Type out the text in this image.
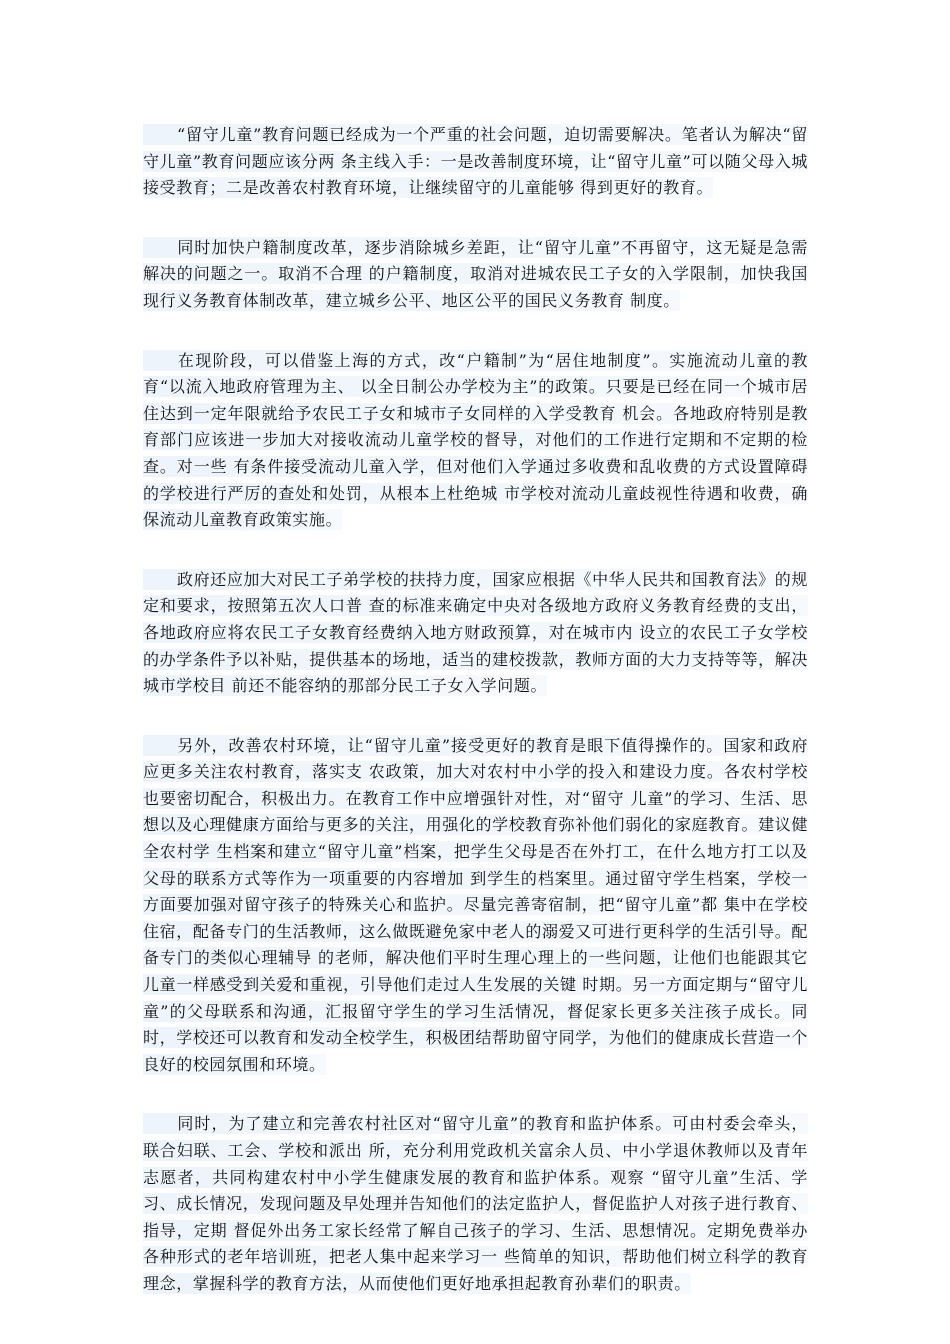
“留守儿童”教育问题已经成为一个严重的社会问题，迫切需要解决。笔者认为解决“留守儿童”教育问题应该分两 条主线入手：一是改善制度环境，让“留守儿童”可以随父母入城接受教育；二是改善农村教育环境，让继续留守的儿童能够 得到更好的教育。

同时加快户籍制度改革，逐步消除城乡差距，让“留守儿童”不再留守，这无疑是急需解决的问题之一。取消不合理 的户籍制度，取消对进城农民工子女的入学限制，加快我国现行义务教育体制改革，建立城乡公平、地区公平的国民义务教育 制度。

在现阶段，可以借鉴上海的方式，改“户籍制”为“居住地制度”。实施流动儿童的教育“以流入地政府管理为主、 以全日制公办学校为主”的政策。只要是已经在同一个城市居住达到一定年限就给予农民工子女和城市子女同样的入学受教育 机会。各地政府特别是教育部门应该进一步加大对接收流动儿童学校的督导，对他们的工作进行定期和不定期的检查。对一些 有条件接受流动儿童入学，但对他们入学通过多收费和乱收费的方式设置障碍的学校进行严厉的查处和处罚，从根本上杜绝城 市学校对流动儿童歧视性待遇和收费，确保流动儿童教育政策实施。

政府还应加大对民工子弟学校的扶持力度，国家应根据《中华人民共和国教育法》的规定和要求，按照第五次人口普 查的标准来确定中央对各级地方政府义务教育经费的支出，各地政府应将农民工子女教育经费纳入地方财政预算，对在城市内 设立的农民工子女学校的办学条件予以补贴，提供基本的场地，适当的建校拨款，教师方面的大力支持等等，解决城市学校目 前还不能容纳的那部分民工子女入学问题。

另外，改善农村环境，让“留守儿童”接受更好的教育是眼下值得操作的。国家和政府应更多关注农村教育，落实支 农政策，加大对农村中小学的投入和建设力度。各农村学校也要密切配合，积极出力。在教育工作中应增强针对性，对“留守 儿童”的学习、生活、思想以及心理健康方面给与更多的关注，用强化的学校教育弥补他们弱化的家庭教育。建议健全农村学 生档案和建立“留守儿童”档案，把学生父母是否在外打工，在什么地方打工以及父母的联系方式等作为一项重要的内容增加 到学生的档案里。通过留守学生档案，学校一方面要加强对留守孩子的特殊关心和监护。尽量完善寄宿制，把“留守儿童”都 集中在学校住宿，配备专门的生活教师，这么做既避免家中老人的溺爱又可进行更科学的生活引导。配备专门的类似心理辅导 的老师，解决他们平时生理心理上的一些问题，让他们也能跟其它儿童一样感受到关爱和重视，引导他们走过人生发展的关键 时期。另一方面定期与“留守儿童”的父母联系和沟通，汇报留守学生的学习生活情况，督促家长更多关注孩子成长。同时，学校还可以教育和发动全校学生，积极团结帮助留守同学，为他们的健康成长营造一个良好的校园氛围和环境。

同时，为了建立和完善农村社区对“留守儿童”的教育和监护体系。可由村委会牵头，联合妇联、工会、学校和派出 所，充分利用党政机关富余人员、中小学退休教师以及青年志愿者，共同构建农村中小学生健康发展的教育和监护体系。观察 “留守儿童”生活、学习、成长情况，发现问题及早处理并告知他们的法定监护人，督促监护人对孩子进行教育、指导，定期 督促外出务工家长经常了解自己孩子的学习、生活、思想情况。定期免费举办各种形式的老年培训班，把老人集中起来学习一 些简单的知识，帮助他们树立科学的教育理念，掌握科学的教育方法，从而使他们更好地承担起教育孙辈们的职责。
